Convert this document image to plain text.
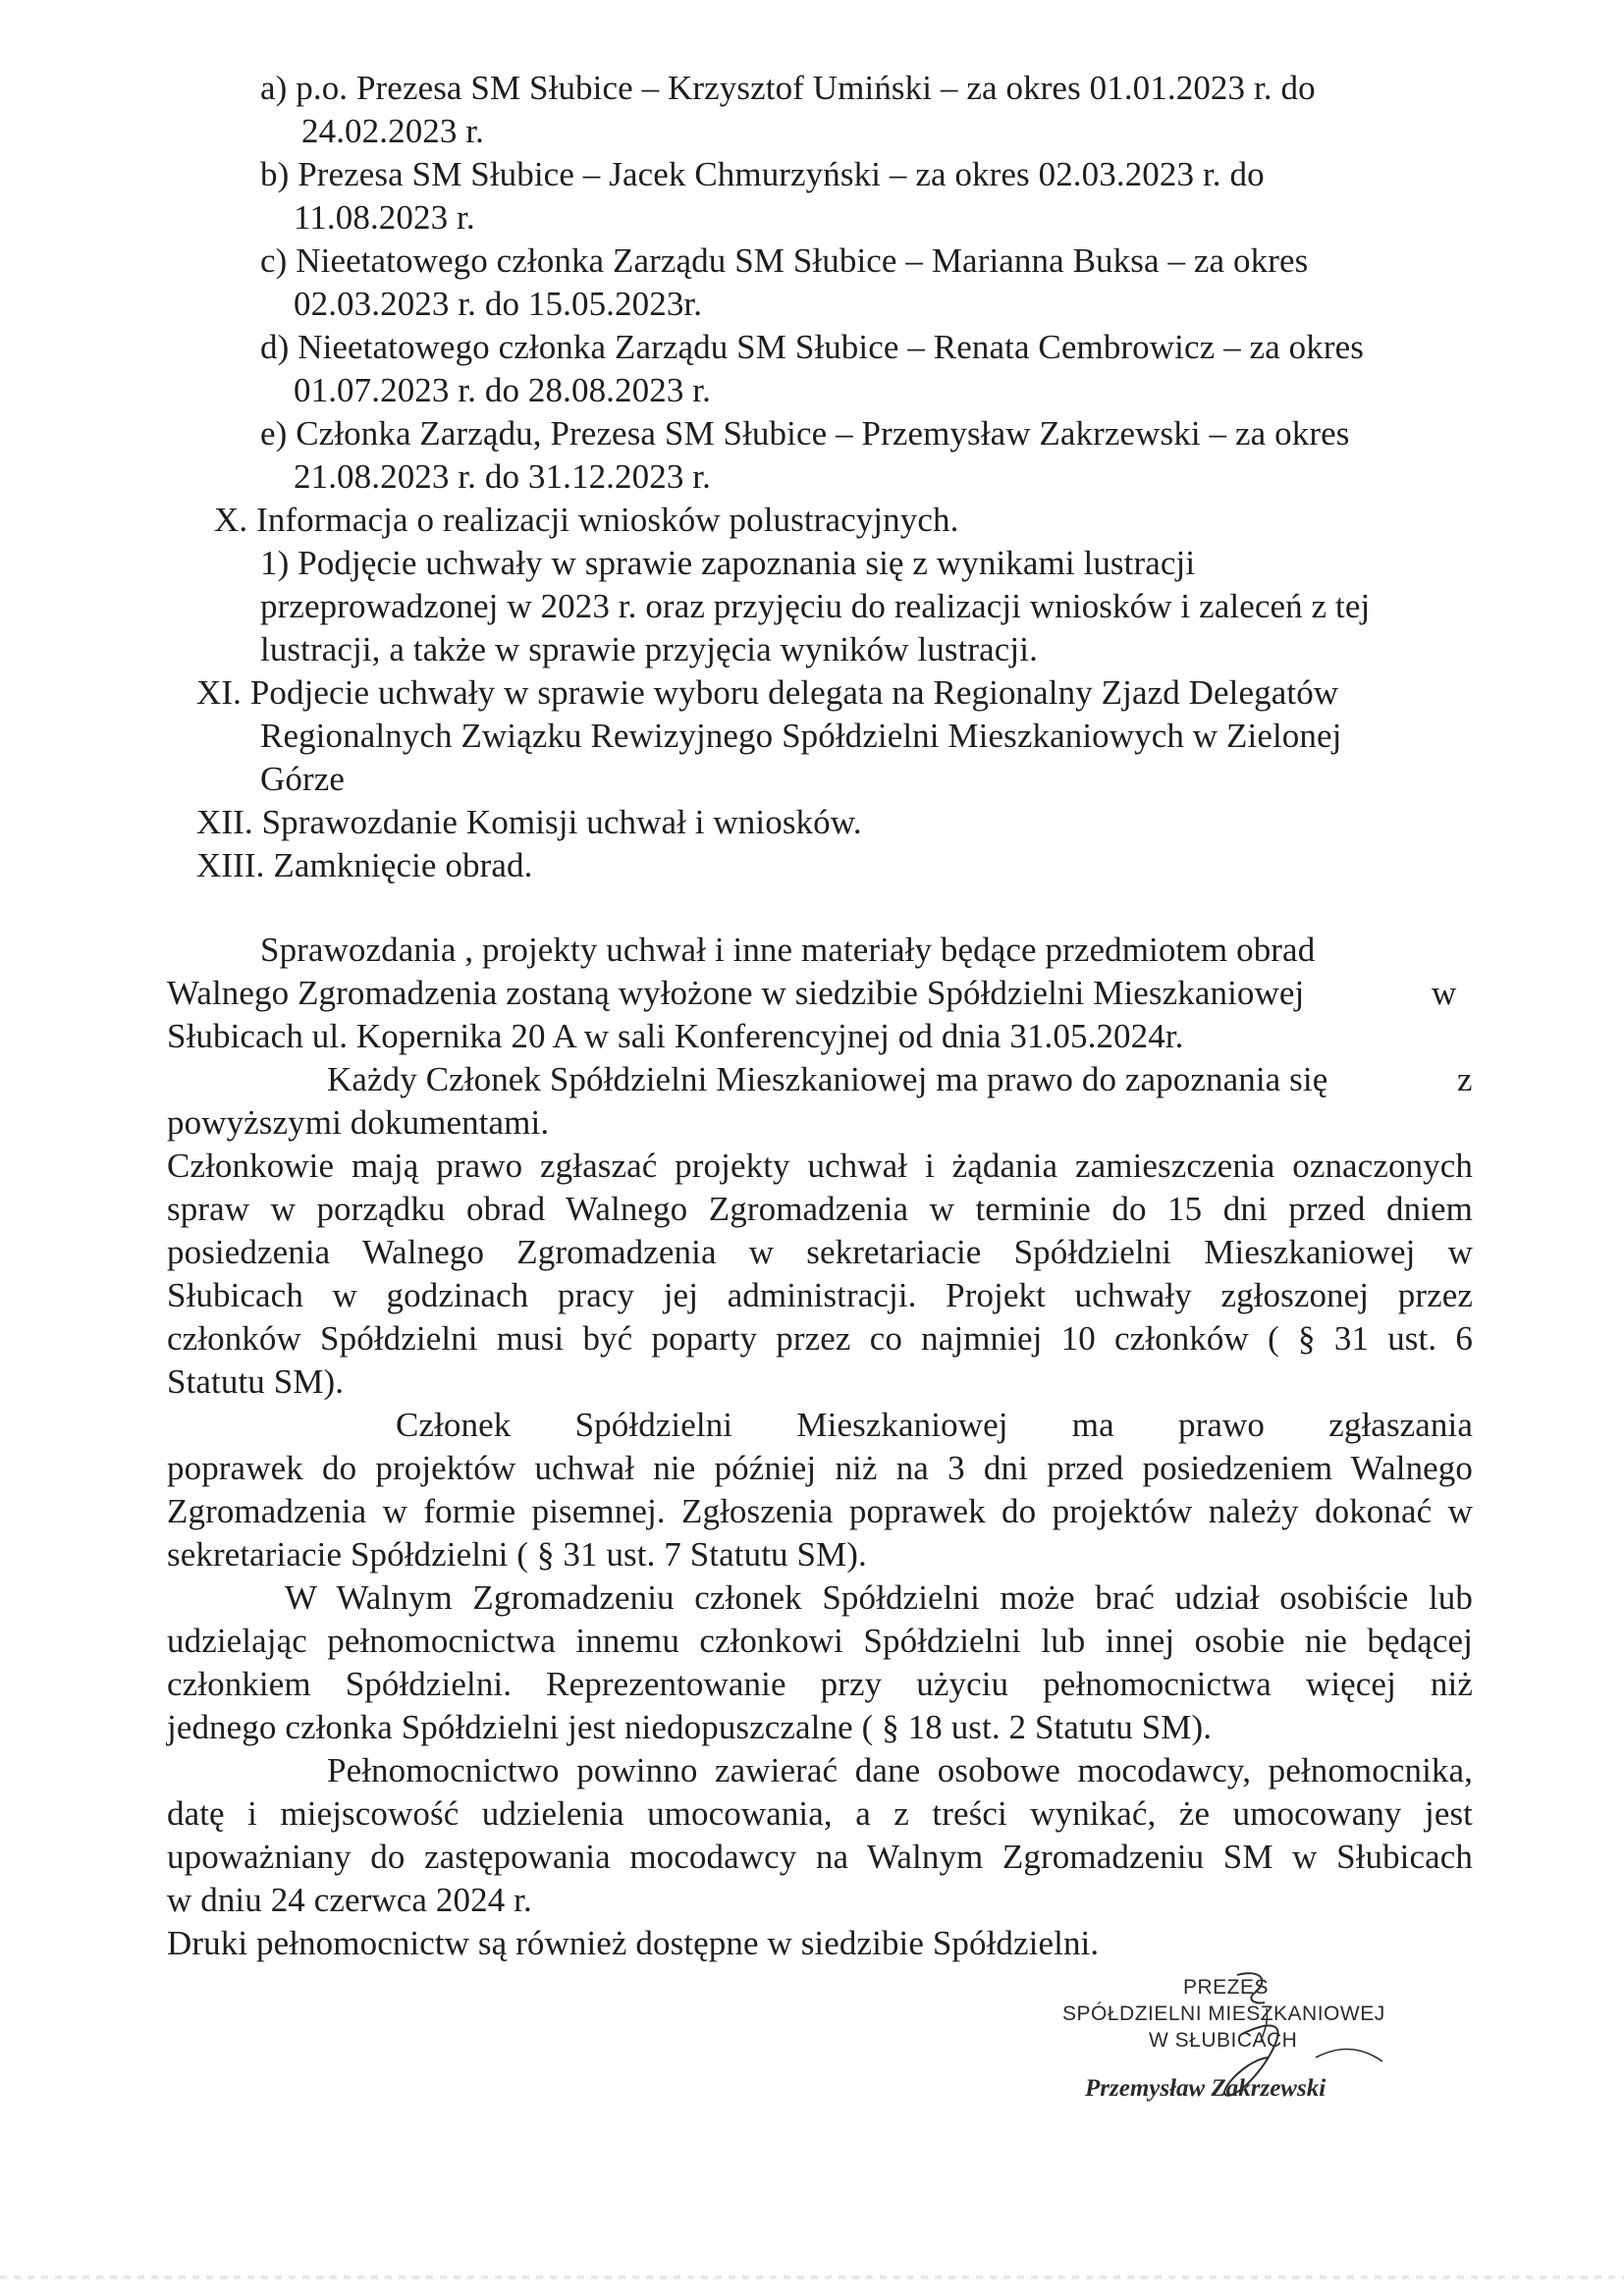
a) p.o. Prezesa SM Słubice – Krzysztof Umiński – za okres 01.01.2023 r. do
24.02.2023 r.
b) Prezesa SM Słubice – Jacek Chmurzyński – za okres 02.03.2023 r. do
11.08.2023 r.
c) Nieetatowego członka Zarządu SM Słubice – Marianna Buksa – za okres
02.03.2023 r. do 15.05.2023r.
d) Nieetatowego członka Zarządu SM Słubice – Renata Cembrowicz – za okres
01.07.2023 r. do 28.08.2023 r.
e) Członka Zarządu, Prezesa SM Słubice – Przemysław Zakrzewski – za okres
21.08.2023 r. do 31.12.2023 r.
X. Informacja o realizacji wniosków polustracyjnych.
1) Podjęcie uchwały w sprawie zapoznania się z wynikami lustracji
przeprowadzonej w 2023 r. oraz przyjęciu do realizacji wniosków i zaleceń z tej
lustracji, a także w sprawie przyjęcia wyników lustracji.
XI. Podjecie uchwały w sprawie wyboru delegata na Regionalny Zjazd Delegatów
Regionalnych Związku Rewizyjnego Spółdzielni Mieszkaniowych w Zielonej
Górze
XII. Sprawozdanie Komisji uchwał i wniosków.
XIII. Zamknięcie obrad.
Sprawozdania , projekty uchwał i inne materiały będące przedmiotem obrad
Walnego Zgromadzenia zostaną wyłożone w siedzibie Spółdzielni Mieszkaniowej	w
Słubicach ul. Kopernika 20 A w sali Konferencyjnej od dnia 31.05.2024r.
Każdy Członek Spółdzielni Mieszkaniowej ma prawo do zapoznania się	z
powyższymi dokumentami.
Członkowie mają prawo zgłaszać projekty uchwał i żądania zamieszczenia oznaczonych
spraw w porządku obrad Walnego Zgromadzenia w terminie do 15 dni przed dniem
posiedzenia Walnego Zgromadzenia w sekretariacie Spółdzielni Mieszkaniowej w
Słubicach w godzinach pracy jej administracji. Projekt uchwały zgłoszonej przez
członków Spółdzielni musi być poparty przez co najmniej 10 członków ( § 31 ust. 6
Statutu SM).
Członek Spółdzielni Mieszkaniowej ma prawo zgłaszania
poprawek do projektów uchwał nie później niż na 3 dni przed posiedzeniem Walnego
Zgromadzenia w formie pisemnej. Zgłoszenia poprawek do projektów należy dokonać w
sekretariacie Spółdzielni ( § 31 ust. 7 Statutu SM).
W Walnym Zgromadzeniu członek Spółdzielni może brać udział osobiście lub
udzielając pełnomocnictwa innemu członkowi Spółdzielni lub innej osobie nie będącej
członkiem Spółdzielni. Reprezentowanie przy użyciu pełnomocnictwa więcej niż
jednego członka Spółdzielni jest niedopuszczalne ( § 18 ust. 2 Statutu SM).
Pełnomocnictwo powinno zawierać dane osobowe mocodawcy, pełnomocnika,
datę i miejscowość udzielenia umocowania, a z treści wynikać, że umocowany jest
upoważniany do zastępowania mocodawcy na Walnym Zgromadzeniu SM w Słubicach
w dniu 24 czerwca 2024 r.
Druki pełnomocnictw są również dostępne w siedzibie Spółdzielni.
PREZES
SPÓŁDZIELNI MIESZKANIOWEJ
W SŁUBICACH
Przemysław Zakrzewski
